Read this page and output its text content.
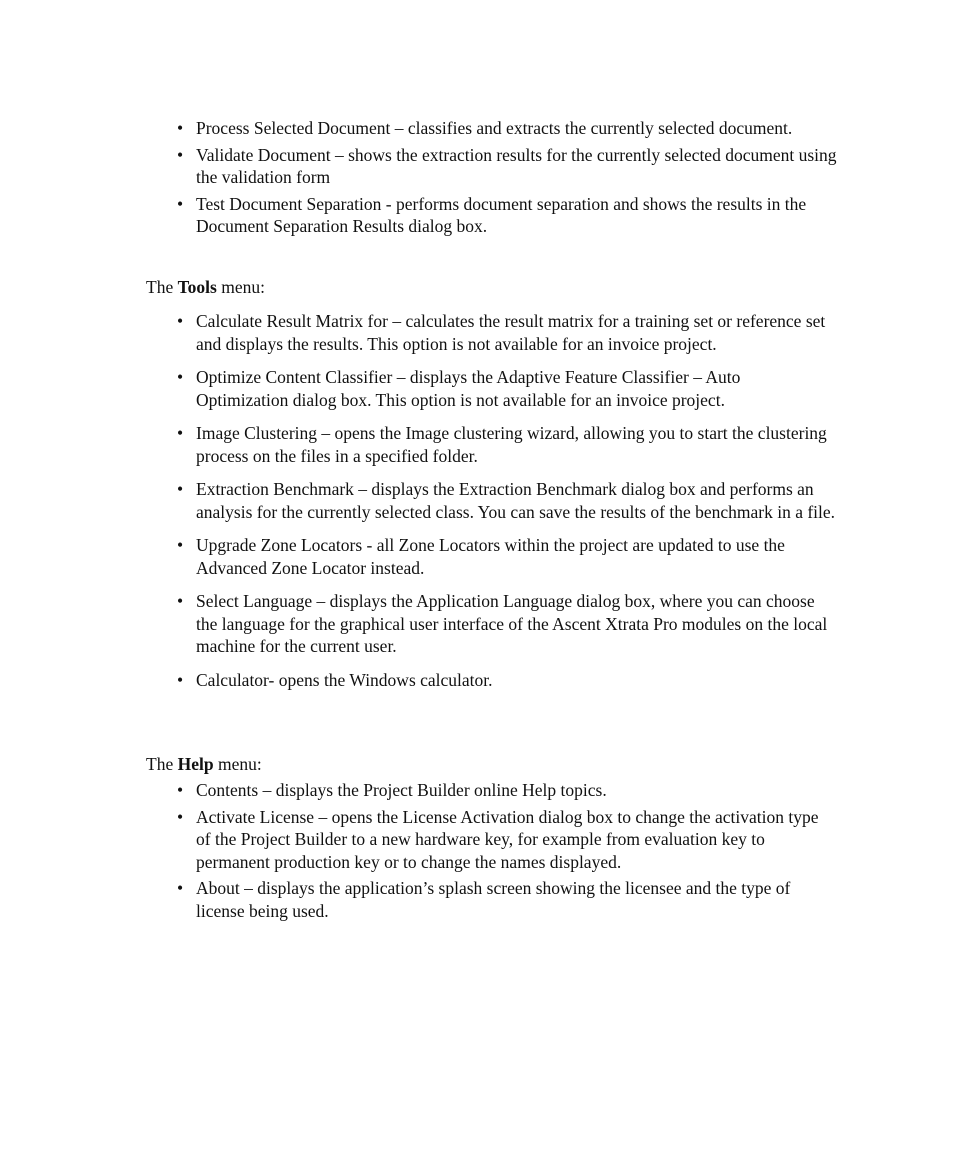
• Process Selected Document – classifies and extracts the currently selected document.
• Validate Document – shows the extraction results for the currently selected document using the validation form
• Test Document Separation - performs document separation and shows the results in the Document Separation Results dialog box.

The Tools menu:

• Calculate Result Matrix for – calculates the result matrix for a training set or reference set and displays the results. This option is not available for an invoice project.
• Optimize Content Classifier – displays the Adaptive Feature Classifier – Auto Optimization dialog box. This option is not available for an invoice project.
• Image Clustering – opens the Image clustering wizard, allowing you to start the clustering process on the files in a specified folder.
• Extraction Benchmark – displays the Extraction Benchmark dialog box and performs an analysis for the currently selected class. You can save the results of the benchmark in a file.
• Upgrade Zone Locators - all Zone Locators within the project are updated to use the Advanced Zone Locator instead.
• Select Language – displays the Application Language dialog box, where you can choose the language for the graphical user interface of the Ascent Xtrata Pro modules on the local machine for the current user.
• Calculator- opens the Windows calculator.

The Help menu:

• Contents – displays the Project Builder online Help topics.
• Activate License – opens the License Activation dialog box to change the activation type of the Project Builder to a new hardware key, for example from evaluation key to permanent production key or to change the names displayed.
• About – displays the application’s splash screen showing the licensee and the type of license being used.
